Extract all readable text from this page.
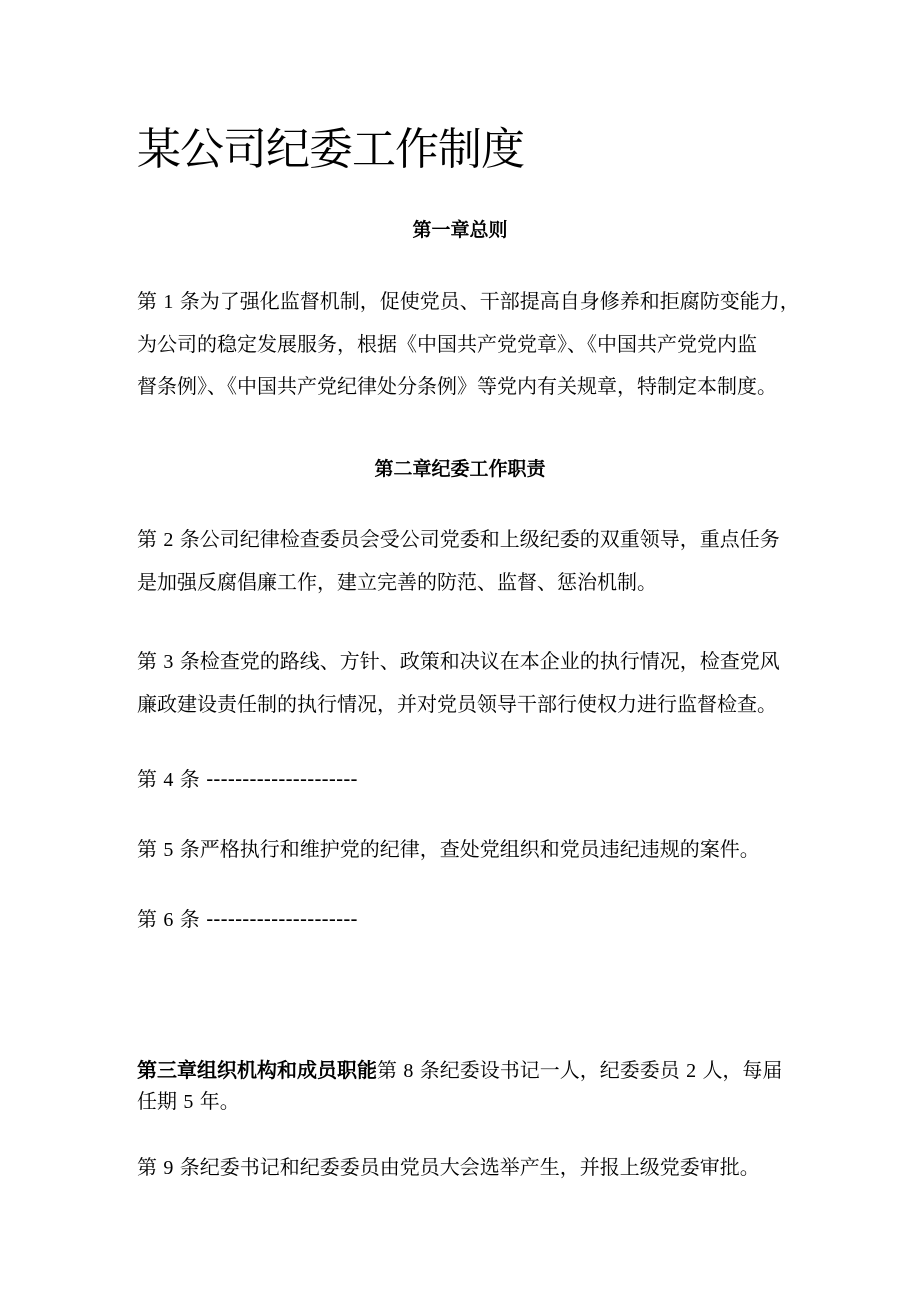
某公司纪委工作制度
第一章总则

第 1 条为了强化监督机制，促使党员、干部提高自身修养和拒腐防变能力，
为公司的稳定发展服务，根据《中国共产党党章》、《中国共产党党内监
督条例》、《中国共产党纪律处分条例》等党内有关规章，特制定本制度。

第二章纪委工作职责

第 2 条公司纪律检查委员会受公司党委和上级纪委的双重领导，重点任务
是加强反腐倡廉工作，建立完善的防范、监督、惩治机制。

第 3 条检查党的路线、方针、政策和决议在本企业的执行情况，检查党风
廉政建设责任制的执行情况，并对党员领导干部行使权力进行监督检查。

第 4 条 ---------------------

第 5 条严格执行和维护党的纪律，查处党组织和党员违纪违规的案件。

第 6 条 ---------------------

第三章组织机构和成员职能第 8 条纪委设书记一人，纪委委员 2 人，每届
任期 5 年。

第 9 条纪委书记和纪委委员由党员大会选举产生，并报上级党委审批。
